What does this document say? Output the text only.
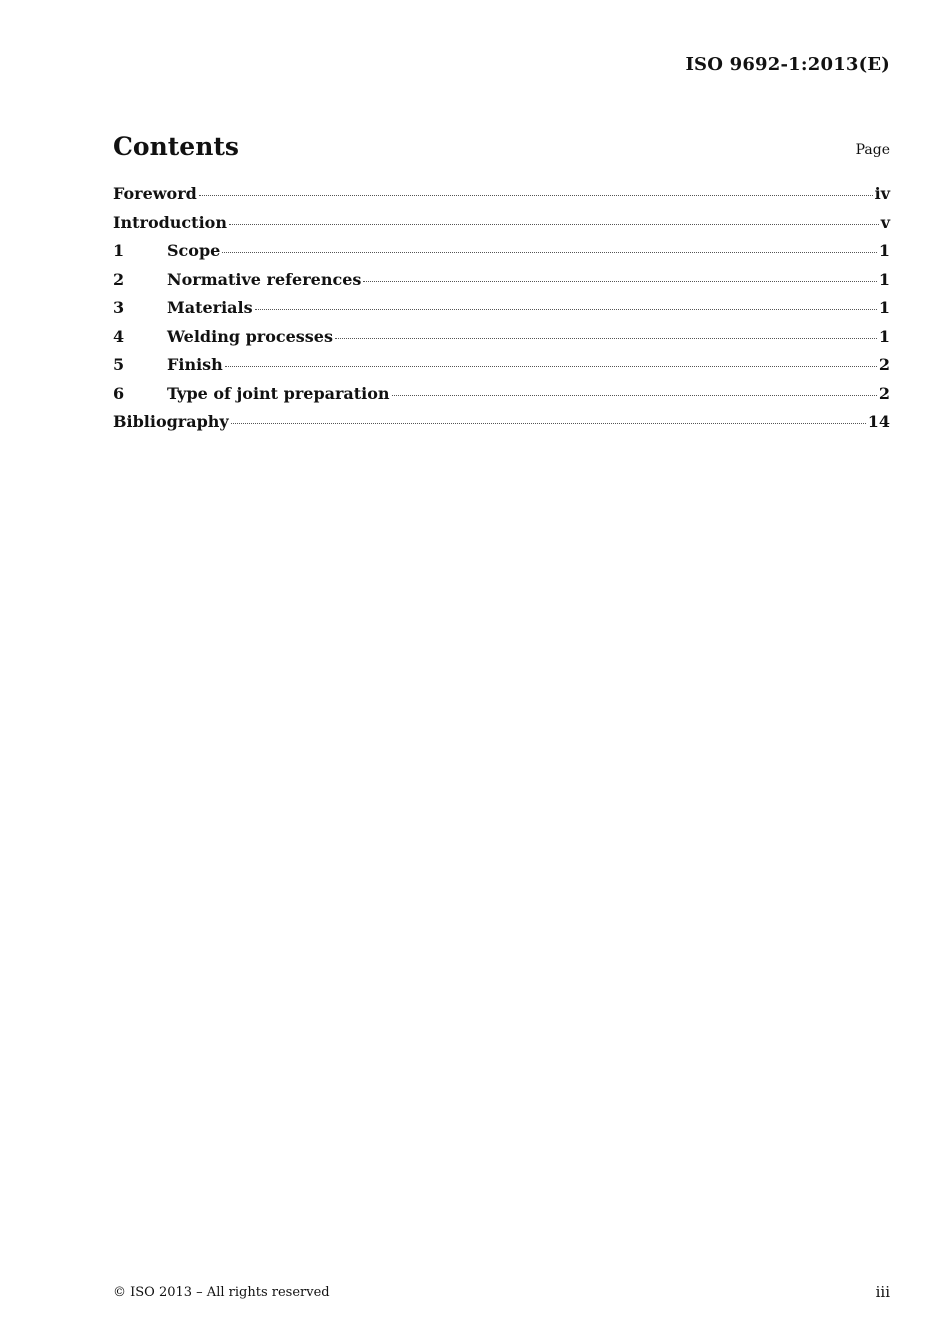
ISO 9692-1:2013(E)
Contents	Page
Foreword	iv
Introduction	v
1	Scope	1
2	Normative references	1
3	Materials	1
4	Welding processes	1
5	Finish	2
6	Type of joint preparation	2
Bibliography	14
© ISO 2013 – All rights reserved	iii
